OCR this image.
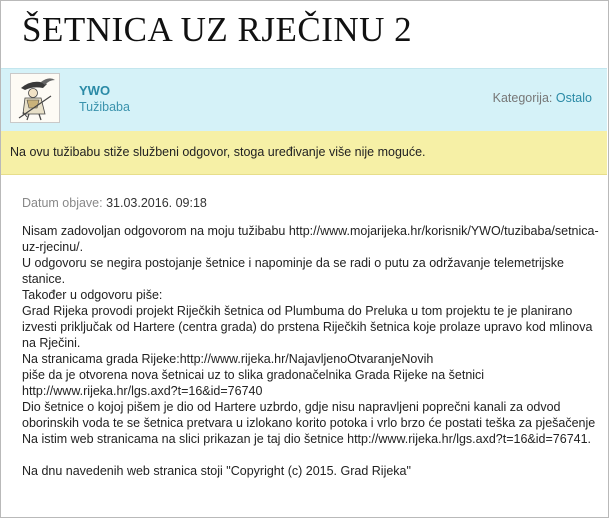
ŠETNICA UZ RJEČINU 2
YWO
Tužibaba
Kategorija: Ostalo
Na ovu tužibabu stiže službeni odgovor, stoga uređivanje više nije moguće.
Datum objave: 31.03.2016. 09:18
Nisam zadovoljan odgovorom na moju tužibabu http://www.mojarijeka.hr/korisnik/YWO/tuzibaba/setnica-
uz-rjecinu/.
U odgovoru se negira postojanje šetnice i napominje da se radi o putu za održavanje telemetrijske
stanice.
Također u odgovoru piše:
Grad Rijeka provodi projekt Riječkih šetnica od Plumbuma do Preluka u tom projektu te je planirano
izvesti priključak od Hartere (centra grada) do prstena Riječkih šetnica koje prolaze upravo kod mlinova
na Rječini.
Na stranicama grada Rijeke:http://www.rijeka.hr/NajavljenoOtvaranjeNovih
piše da je otvorena nova šetnicai uz to slika gradonačelnika Grada Rijeke na šetnici
http://www.rijeka.hr/lgs.axd?t=16&id=76740
Dio šetnice o kojoj pišem je dio od Hartere uzbrdo, gdje nisu napravljeni poprečni kanali za odvod
oborinskih voda te se šetnica pretvara u izlokano korito potoka i vrlo brzo će postati teška za pješačenje
Na istim web stranicama na slici prikazan je taj dio šetnice http://www.rijeka.hr/lgs.axd?t=16&id=76741.
Na dnu navedenih web stranica stoji "Copyright (c) 2015. Grad Rijeka"
